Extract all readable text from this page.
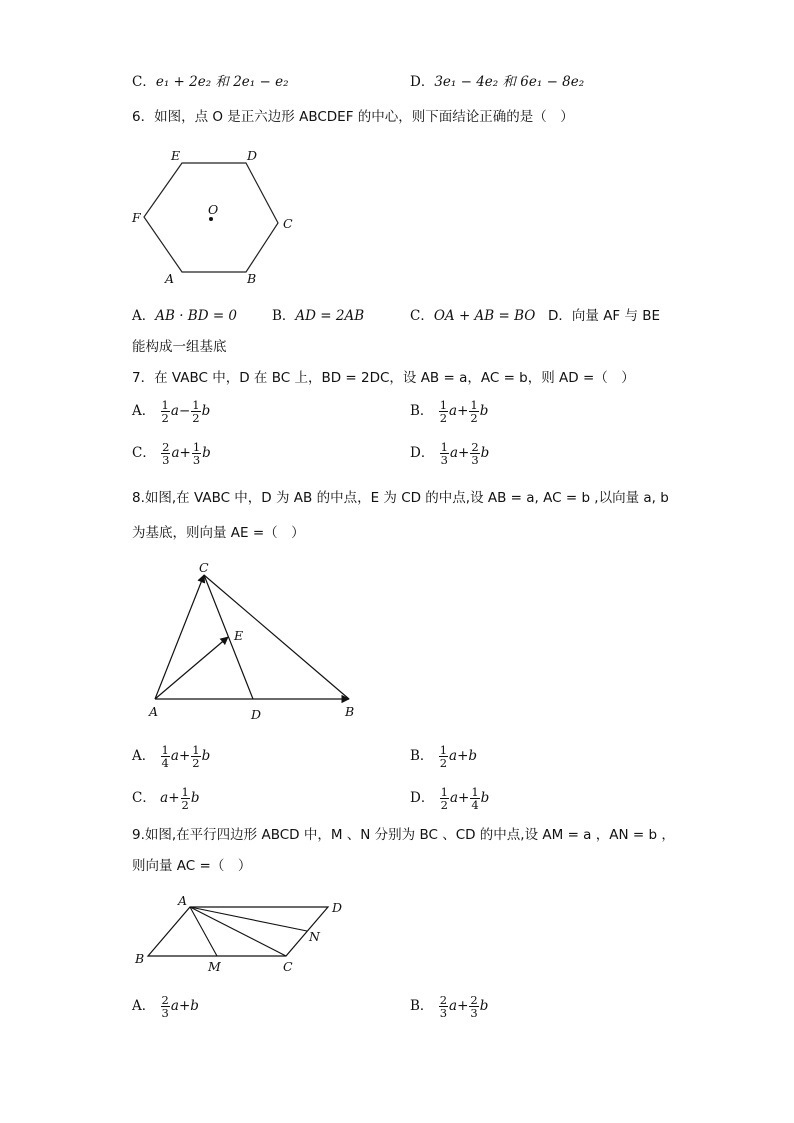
C．e₁ + 2e₂ 和 2e₁ − e₂	D．3e₁ − 4e₂ 和 6e₁ − 8e₂
6．如图，点 O 是正六边形 ABCDEF 的中心，则下面结论正确的是（　）
E	D
C
B
A
F
O
A．AB · BD = 0	B．AD = 2AB	C．OA + AB = BO D．向量 AF 与 BE
能构成一组基底
7．在 VABC 中，D 在 BC 上，BD = 2DC，设 AB = a，AC = b，则 AD =（　）
A． $\frac{1}{2} a- \frac{1}{2}$ b	B． $\frac{1}{2} a+ \frac{1}{2}$ b
C． $\frac{2}{3} a+ \frac{1}{3}$ b	D． $\frac{1}{3} a+ \frac{2}{3}$ b
8.如图,在 VABC 中，D 为 AB 的中点，E 为 CD 的中点,设 AB = a, AC = b ,以向量 a, b
为基底，则向量 AE =（　）
C
E
A	D	B
A． $\frac{1}{4} a+ \frac{1}{2}$ b	B． $\frac{1}{2} a+b$
C． $a+ \frac{1}{2}$ b	D． $\frac{1}{2} a+ \frac{1}{4}$ b
9.如图,在平行四边形 ABCD 中，M 、N 分别为 BC 、CD 的中点,设 AM = a ，AN = b ，
则向量 AC =（　）
A	D
N
B
M	C
A． $\frac{2}{3} a+b$	B． $\frac{2}{3} a+ \frac{2}{3}$ b
